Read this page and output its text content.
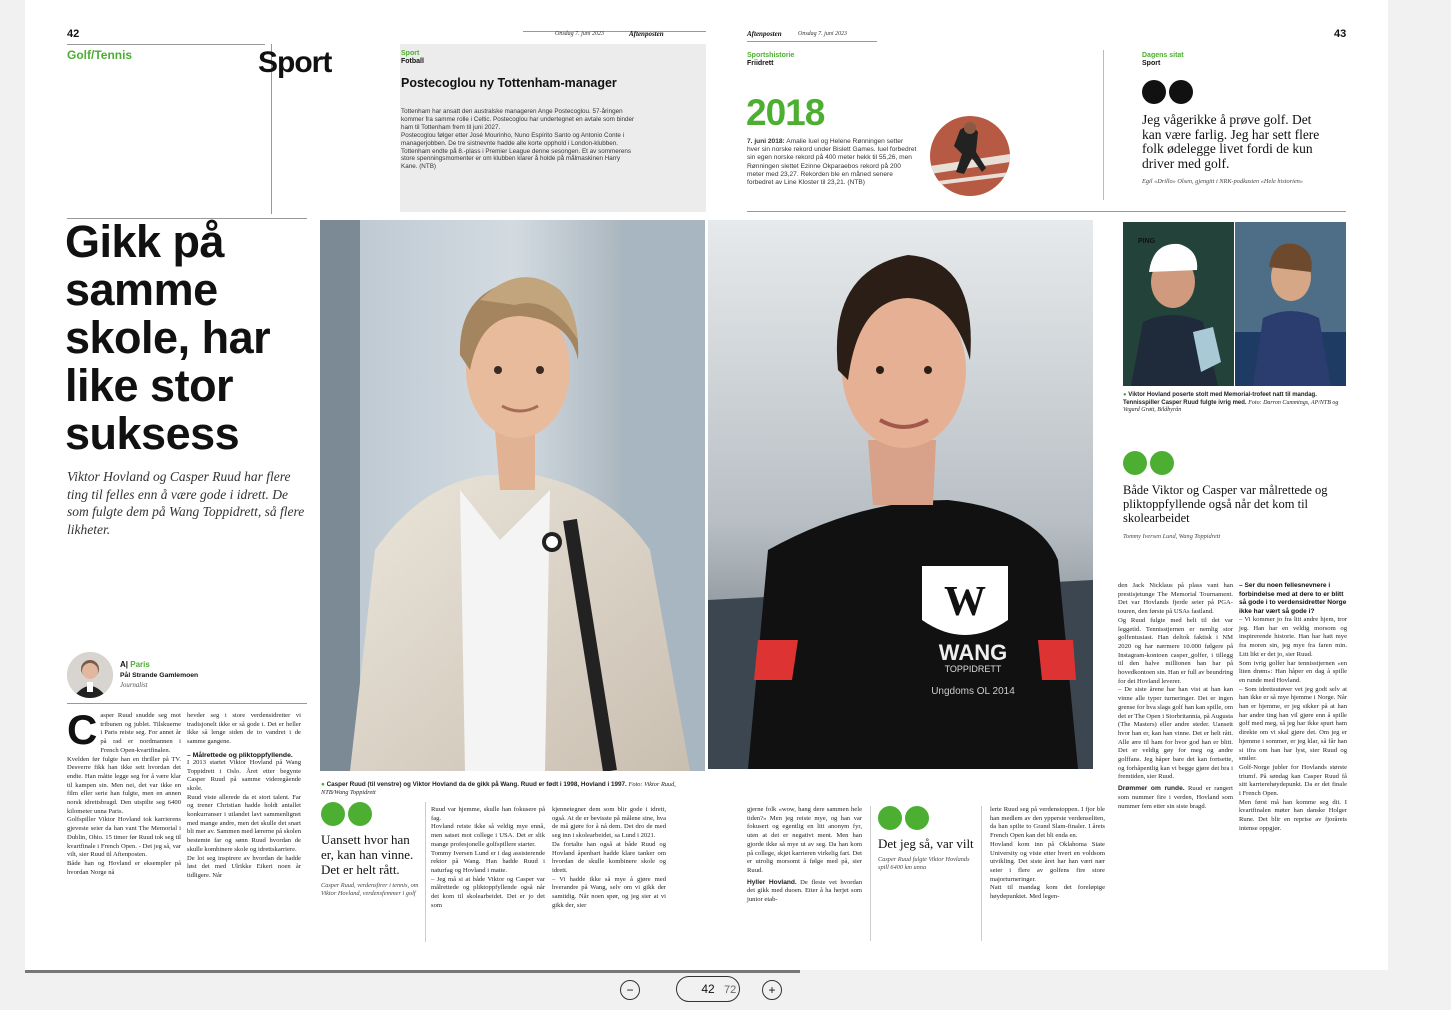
42	Onsdag 7. juni 2023	Aftenposten
Golf/Tennis	Sport	Sport
Fotball
Postecoglou ny Tottenham-manager
Tottenham har ansatt den australske manageren Ange Postecoglou. 57-åringen kommer fra samme rolle i Celtic. Postecoglou har undertegnet en avtale som binder ham til Tottenham frem til juni 2027.
Postecoglou følger etter José Mourinho, Nuno Espírito Santo og Antonio Conte i managerjobben. De tre sistnevnte hadde alle korte opphold i London-klubben. Tottenham endte på 8.-plass i Premier League denne sesongen. Et av sommerens store spenningsmomenter er om klubben klarer å holde på målmaskinen Harry Kane. (NTB)
Gikk på samme skole, har like stor suksess
Viktor Hovland og Casper Ruud har flere ting til felles enn å være gode i idrett. De som fulgte dem på Wang Toppidrett, så flere likheter.
A| Paris
Pål Strande Gamlemoen
Journalist
C asper Ruud snudde seg mot tribunen og jublet. Tilskuerne i Paris reiste seg. For annet år på rad er nordmannen i French Open-kvartfinalen.
Kvelden før fulgte han en thriller på TV. Desverre fikk han ikke sett hvordan det endte. Han måtte legge seg for å være klar til kampen sin. Men nei, det var ikke en film eller serie han fulgte, men en annen norsk idrettsbragd. Den utspilte seg 6400 kilometer unna Paris.
Golfspiller Viktor Hovland tok karrierens gjeveste seier da han vant The Memorial i Dublin, Ohio. 15 timer før Ruud tok seg til kvartfinale i French Open. - Det jeg så, var vilt, sier Ruud til Aftenposten.
Både han og Hovland er eksempler på hvordan Norge nå
hevder seg i store verdensidretter vi tradisjonelt ikke er så gode i. Det er heller ikke så lenge siden de to vandret i de samme gangene.
– Målrettede og pliktoppfyllende.
I 2013 startet Viktor Hovland på Wang Toppidrett i Oslo. Året etter begynte Casper Ruud på samme videregående skole.
Ruud viste allerede da et stort talent. Far og trener Christian hadde holdt antallet konkurranser i utlandet lavt sammenlignet med mange andre, men det skulle det snart bli mer av. Sammen med lærerne på skolen bestemte far og sønn Ruud hvordan de skulle kombinere skole og idrettskarriere.
De lot seg inspirere av hvordan de hadde løst det med Ulrikke Eikeri noen år tidligere. Når
● Casper Ruud (til venstre) og Viktor Hovland da de gikk på Wang. Ruud er født i 1998, Hovland i 1997. Foto: Viktor Ruud, NTB/Wang Toppidrett
Uansett hvor han er, kan han vinne. Det er helt rått.
Casper Ruud, verdensfirer i tennis, om Viktor Hovland, verdensfemmer i golf
Ruud var hjemme, skulle han fokusere på fag.
Hovland reiste ikke så veldig mye ennå, men satset mot college i USA. Det er slik mange profesjonelle golfspillere starter.
Tommy Iversen Lund er i dag assisterende rektor på Wang. Han hadde Ruud i naturfag og Hovland i matte.
– Jeg må si at både Viktor og Casper var målrettede og pliktoppfyllende også når det kom til skolearbeidet. Det er jo det som
kjennetegner dem som blir gode i idrett, også. At de er bevisste på målene sine, hva de må gjøre for å nå dem. Det dro de med seg inn i skolearbeidet, sa Lund i 2021.
Da fortalte han også at både Ruud og Hovland åpenbart hadde klare tanker om hvordan de skulle kombinere skole og idrett.
– Vi hadde ikke så mye å gjøre med hverandre på Wang, selv om vi gikk der samtidig. Når noen spør, og jeg sier at vi gikk der, sier
Aftenposten	Onsdag 7. juni 2023	43
Sportshistorie
Friidrett
2018
7. juni 2018: Amalie Iuel og Helene Rønningen setter hver sin norske rekord under Bislett Games. Iuel forbedret sin egen norske rekord på 400 meter hekk til 55,26, men Rønningen slettet Ezinne Okparaebos rekord på 200 meter med 23,27. Rekorden ble en måned senere forbedret av Line Kloster til 23,21. (NTB)
Dagens sitat
Sport
Jeg vågerikke å prøve golf. Det kan være farlig. Jeg har sett flere folk ødelegge livet fordi de kun driver med golf.
Egil «Drillo» Olsen, gjengitt i NRK-podkasten «Hele historien»
W
WANG
TOPPIDRETT
Ungdoms OL 2014
PING
● Viktor Hovland poserte stolt med Memorial-trofeet natt til mandag. Tennisspiller Casper Ruud fulgte ivrig med. Foto: Darron Cummings, AP/NTB og Vegard Grøtt, Bildbyrån
Både Viktor og Casper var målrettede og pliktoppfyllende også når det kom til skolearbeidet
Tommy Iversen Lund, Wang Toppidrett
gjerne folk «wow, hang dere sammen hele tiden?» Men jeg reiste mye, og han var fokusert og egentlig en litt anonym fyr, uten at det er negativt ment. Men han gjorde ikke så mye ut av seg. Da han kom på college, skjøt karrieren virkelig fart. Det er utrolig morsomt å følge med på, sier Ruud.
Hyller Hovland. De fleste vet hvordan det gikk med duoen. Etter å ha herjet som junior etab-
Det jeg så, var vilt
Casper Ruud fulgte Viktor Hovlands spill 6400 km unna
lerte Ruud seg på verdenstoppen. I fjor ble han medlem av den ypperste verdenseliten, da han spilte to Grand Slam-finaler. I årets French Open kan det bli enda en.
Hovland kom inn på Oklahoma State University og viste etter hvert en voldsom utvikling. Det siste året har han vært nær seier i flere av golfens fire store majorturneringer.
Natt til mandag kom det foreløpige høydepunktet. Med legen-
den Jack Nicklaus på plass vant han prestisjetunge The Memorial Tournament. Det var Hovlands fjerde seier på PGA-touren, den første på USAs fastland.
Og Ruud fulgte med helt til det var leggetid. Tennisstjernen er nemlig stor golfentusiast. Han deltok faktisk i NM 2020 og har nærmere 10.000 følgere på Instagram-kontoen casper_golfer, i tillegg til den halve millionen han har på hovedkontoen sin. Han er full av beundring for det Hovland leverer.
– De siste årene har han vist at han kan vinne alle typer turneringer. Det er ingen grense for hva slags golf han kan spille, om det er The Open i Storbritannia, på Augusta (The Masters) eller andre steder. Uansett hvor han er, kan han vinne. Det er helt rått. Alle ære til ham for hvor god han er blitt. Det er veldig gøy for meg og andre golffans. Jeg håper bare det kan fortsette, og forhåpentlig kan vi begge gjøre det bra i fremtiden, sier Ruud.
Drømmer om runde. Ruud er rangert som nummer fire i verden, Hovland som nummer fem etter sin siste bragd.
– Ser du noen fellesnevnere i forbindelse med at dere to er blitt så gode i to verdensidretter Norge ikke har vært så gode i?
– Vi kommer jo fra litt andre hjem, tror jeg. Han har en veldig morsom og inspirerende historie. Han har hatt mye fra moren sin, jeg mye fra faren min. Litt likt er det jo, sier Ruud.
Som ivrig golfer har tennisstjernen «en liten drøm»: Han håper en dag å spille en runde med Hovland.
– Som idrettsutøver vet jeg godt selv at han ikke er så mye hjemme i Norge. Når han er hjemme, er jeg sikker på at han har andre ting han vil gjøre enn å spille golf med meg, så jeg har ikke spurt ham direkte om vi skal gjøre det. Om jeg er hjemme i sommer, er jeg klar, så får han si ifra om han har lyst, sier Ruud og smiler.
Golf-Norge jubler for Hovlands største triumf. På søndag kan Casper Ruud få sitt karrierehøydepunkt. Da er det finale i French Open.
Men først må han komme seg dit. I kvartfinalen møter han danske Holger Rune. Det blir en reprise av fjorårets intense oppgjør.
−	42 72	+
